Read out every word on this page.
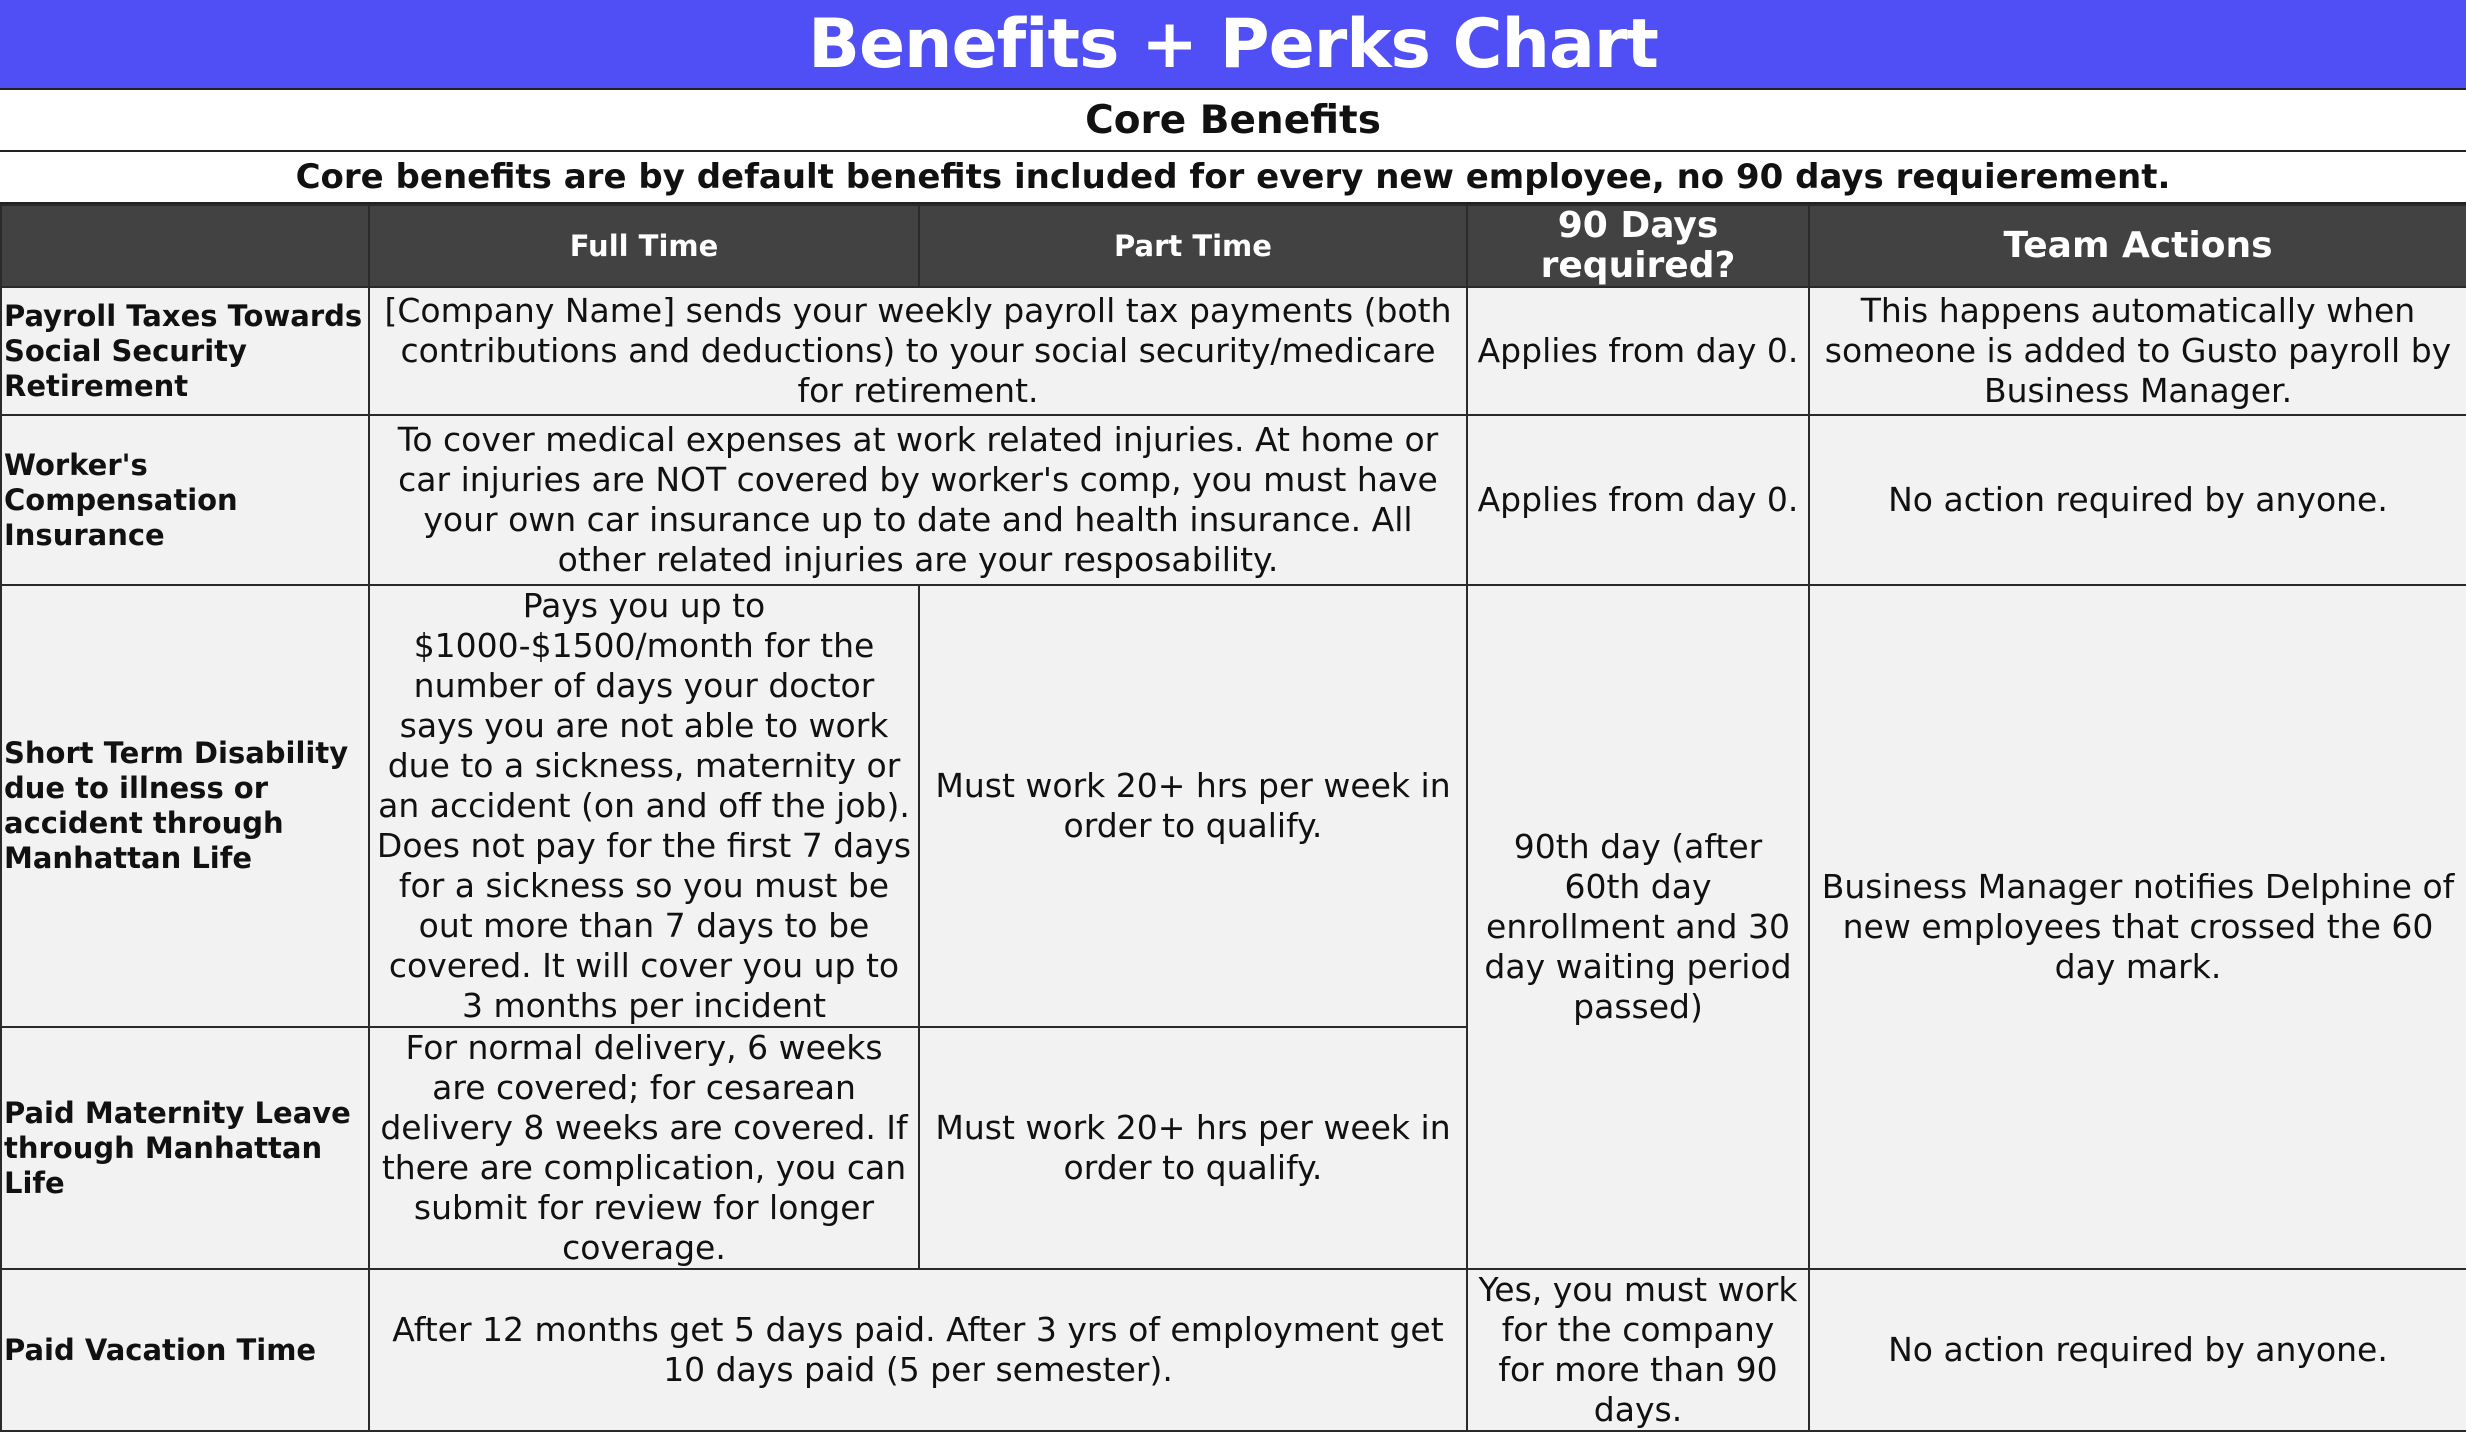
Benefits + Perks Chart
Core Benefits
Core benefits are by default benefits included for every new employee, no 90 days requierement.
	Full Time	Part Time	90 Days required?	Team Actions
Payroll Taxes Towards Social Security Retirement	[Company Name] sends your weekly payroll tax payments (both contributions and deductions) to your social security/medicare for retirement.		Applies from day 0.	This happens automatically when someone is added to Gusto payroll by Business Manager.
Worker's Compensation Insurance	To cover medical expenses at work related injuries. At home or car injuries are NOT covered by worker's comp, you must have your own car insurance up to date and health insurance. All other related injuries are your resposability.		Applies from day 0.	No action required by anyone.
Short Term Disability due to illness or accident through Manhattan Life	Pays you up to $1000-$1500/month for the number of days your doctor says you are not able to work due to a sickness, maternity or an accident (on and off the job). Does not pay for the first 7 days for a sickness so you must be out more than 7 days to be covered. It will cover you up to 3 months per incident	Must work 20+ hrs per week in order to qualify.	90th day (after 60th day enrollment and 30 day waiting period passed)	Business Manager notifies Delphine of new employees that crossed the 60 day mark.
Paid Maternity Leave through Manhattan Life	For normal delivery, 6 weeks are covered; for cesarean delivery 8 weeks are covered. If there are complication, you can submit for review for longer coverage.	Must work 20+ hrs per week in order to qualify.		
Paid Vacation Time	After 12 months get 5 days paid. After 3 yrs of employment get 10 days paid (5 per semester).		Yes, you must work for the company for more than 90 days.	No action required by anyone.
